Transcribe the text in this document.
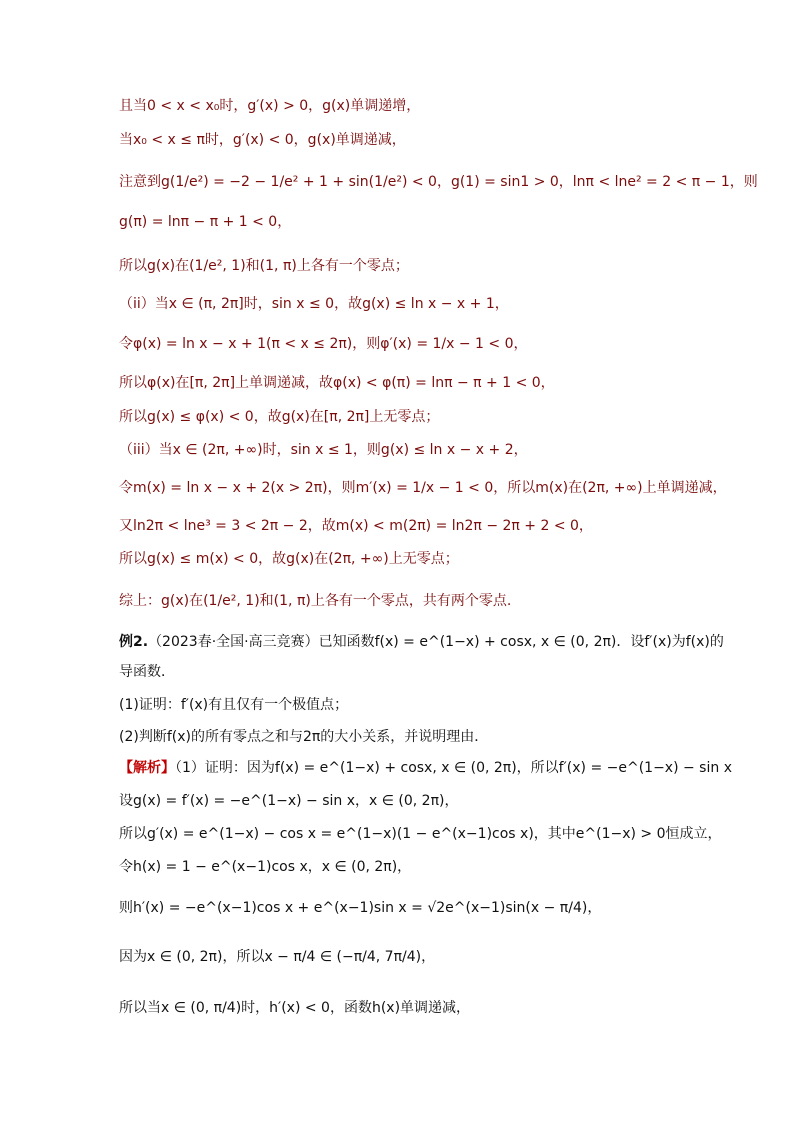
且当0 < x < x₀时，g′(x) > 0，g(x)单调递增，
当x₀ < x ≤ π时，g′(x) < 0，g(x)单调递减，
注意到g(1/e²) = −2 − 1/e² + 1 + sin(1/e²) < 0，g(1) = sin1 > 0，lnπ < lne² = 2 < π − 1，则
g(π) = lnπ − π + 1 < 0，
所以g(x)在(1/e², 1)和(1, π)上各有一个零点；
（ii）当x ∈ (π, 2π]时，sin x ≤ 0，故g(x) ≤ ln x − x + 1，
令φ(x) = ln x − x + 1(π < x ≤ 2π)，则φ′(x) = 1/x − 1 < 0，
所以φ(x)在[π, 2π]上单调递减，故φ(x) < φ(π) = lnπ − π + 1 < 0，
所以g(x) ≤ φ(x) < 0，故g(x)在[π, 2π]上无零点；
（iii）当x ∈ (2π, +∞)时，sin x ≤ 1，则g(x) ≤ ln x − x + 2，
令m(x) = ln x − x + 2(x > 2π)，则m′(x) = 1/x − 1 < 0，所以m(x)在(2π, +∞)上单调递减，
又ln2π < lne³ = 3 < 2π − 2，故m(x) < m(2π) = ln2π − 2π + 2 < 0，
所以g(x) ≤ m(x) < 0，故g(x)在(2π, +∞)上无零点；
综上：g(x)在(1/e², 1)和(1, π)上各有一个零点，共有两个零点.
例2.（2023春·全国·高三竞赛）已知函数f(x) = e^(1−x) + cosx, x ∈ (0, 2π)．设f′(x)为f(x)的
导函数．
(1)证明：f′(x)有且仅有一个极值点；
(2)判断f(x)的所有零点之和与2π的大小关系，并说明理由．
【解析】（1）证明：因为f(x) = e^(1−x) + cosx, x ∈ (0, 2π)，所以f′(x) = −e^(1−x) − sin x
设g(x) = f′(x) = −e^(1−x) − sin x，x ∈ (0, 2π)，
所以g′(x) = e^(1−x) − cos x = e^(1−x)(1 − e^(x−1)cos x)，其中e^(1−x) > 0恒成立，
令h(x) = 1 − e^(x−1)cos x，x ∈ (0, 2π)，
则h′(x) = −e^(x−1)cos x + e^(x−1)sin x = √2e^(x−1)sin(x − π/4)，
因为x ∈ (0, 2π)，所以x − π/4 ∈ (−π/4, 7π/4)，
所以当x ∈ (0, π/4)时，h′(x) < 0，函数h(x)单调递减，
